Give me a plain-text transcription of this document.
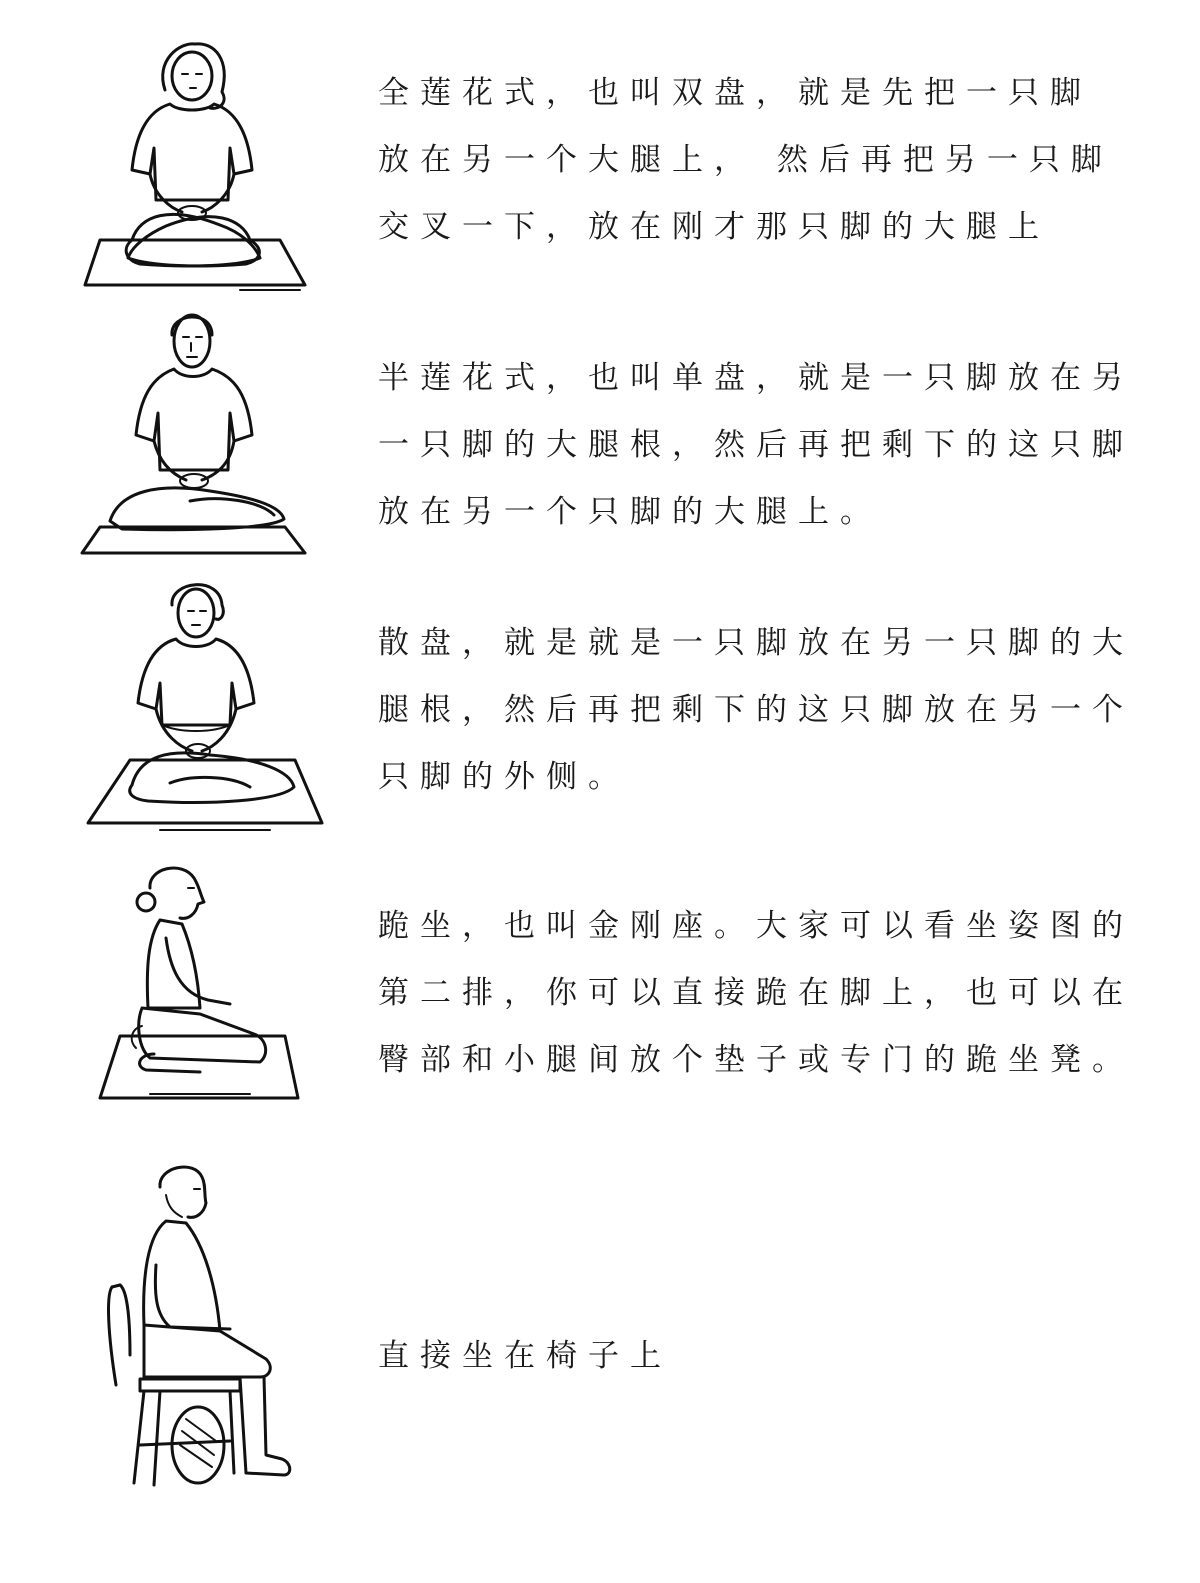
全莲花式，也叫双盘，就是先把一只脚
放在另一个大腿上， 然后再把另一只脚
交叉一下，放在刚才那只脚的大腿上
半莲花式，也叫单盘，就是一只脚放在另
一只脚的大腿根，然后再把剩下的这只脚
放在另一个只脚的大腿上。
散盘，就是就是一只脚放在另一只脚的大
腿根，然后再把剩下的这只脚放在另一个
只脚的外侧。
跪坐，也叫金刚座。大家可以看坐姿图的
第二排，你可以直接跪在脚上，也可以在
臀部和小腿间放个垫子或专门的跪坐凳。
直接坐在椅子上
